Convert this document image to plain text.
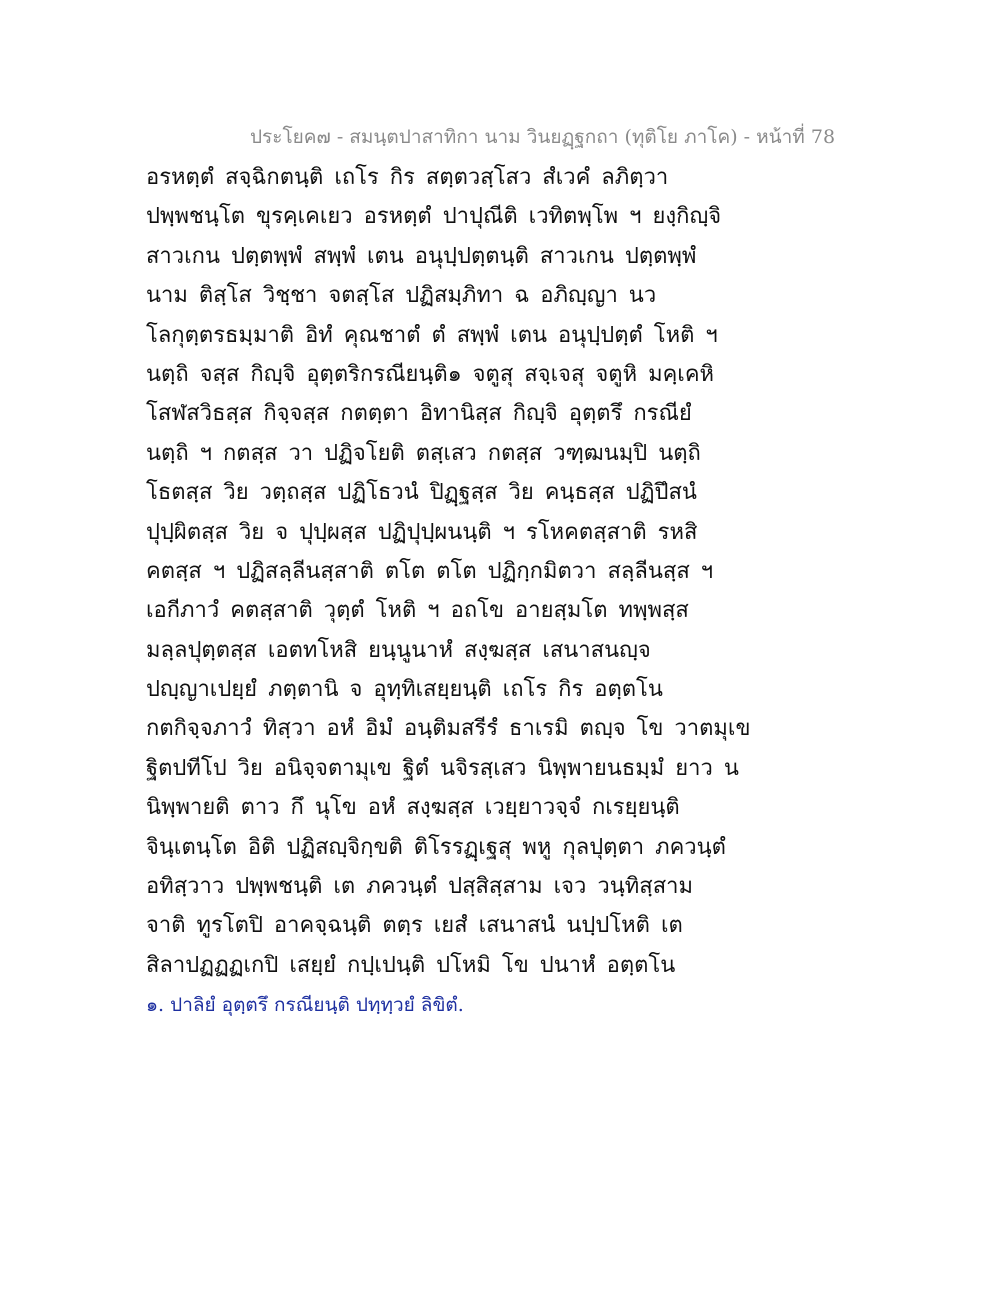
ประโยค๗ - สมนฺตปาสาทิกา นาม วินยฏฺฐกถา (ทุติโย ภาโค) - หน้าที่ 78
อรหตฺตํ สจฺฉิกตนฺติ เถโร กิร สตฺตวสฺโสว สํเวคํ ลภิตฺวา
ปพฺพชนฺโต ขุรคฺเคเยว อรหตฺตํ ปาปุณีติ เวทิตพฺโพ ฯ ยงฺกิญฺจิ
สาวเกน ปตฺตพฺพํ สพฺพํ เตน อนุปฺปตฺตนฺติ สาวเกน ปตฺตพฺพํ
นาม ติสฺโส วิชฺชา จตสฺโส ปฏิสมฺภิทา ฉ อภิญฺญา นว
โลกุตฺตรธมฺมาติ อิทํ คุณชาตํ ตํ สพฺพํ เตน อนุปฺปตฺตํ โหติ ฯ
นตฺถิ จสฺส กิญฺจิ อุตฺตริกรณียนฺติ๑ จตูสุ สจฺเจสุ จตูหิ มคฺเคหิ
โสฬสวิธสฺส กิจฺจสฺส กตตฺตา อิทานิสฺส กิญฺจิ อุตฺตรึ กรณียํ
นตฺถิ ฯ กตสฺส วา ปฏิจโยติ ตสฺเสว กตสฺส วฑฺฒนมฺปิ นตฺถิ
โธตสฺส วิย วตฺถสฺส ปฏิโธวนํ ปิฏฺฐสฺส วิย คนฺธสฺส ปฏิปึสนํ
ปุปฺผิตสฺส วิย จ ปุปฺผสฺส ปฏิปุปฺผนนฺติ ฯ รโหคตสฺสาติ รหสิ
คตสฺส ฯ ปฏิสลฺลีนสฺสาติ ตโต ตโต ปฏิกฺกมิตวา สลฺลีนสฺส ฯ
เอกีภาวํ คตสฺสาติ วุตฺตํ โหติ ฯ อถโข อายสฺมโต ทพฺพสฺส
มลฺลปุตฺตสฺส เอตทโหสิ ยนฺนูนาหํ สงฺฆสฺส เสนาสนญฺจ
ปญฺญาเปยฺยํ ภตฺตานิ จ อุทฺทิเสยฺยนฺติ เถโร กิร อตฺตโน
กตกิจฺจภาวํ ทิสฺวา อหํ อิมํ อนฺติมสรีรํ ธาเรมิ ตญฺจ โข วาตมุเข
ฐิตปทีโป วิย อนิจฺจตามุเข ฐิตํ นจิรสฺเสว นิพฺพายนธมฺมํ ยาว น
นิพฺพายติ ตาว กึ นุโข อหํ สงฺฆสฺส เวยฺยาวจฺจํ กเรยฺยนฺติ
จินฺเตนฺโต อิติ ปฏิสญฺจิกฺขติ ติโรรฏฺเฐสุ พหู กุลปุตฺตา ภควนฺตํ
อทิสฺวาว ปพฺพชนฺติ เต ภควนฺตํ ปสฺสิสฺสาม เจว วนฺทิสฺสาม
จาติ ทูรโตปิ อาคจฺฉนฺติ ตตฺร เยสํ เสนาสนํ นปฺปโหติ เต
สิลาปฏฏฏเกปิ เสยฺยํ กปฺเปนฺติ ปโหมิ โข ปนาหํ อตฺตโน
๑. ปาลิยํ อุตฺตรึ กรณียนฺติ ปทฺทฺวยํ ลิขิตํ.
